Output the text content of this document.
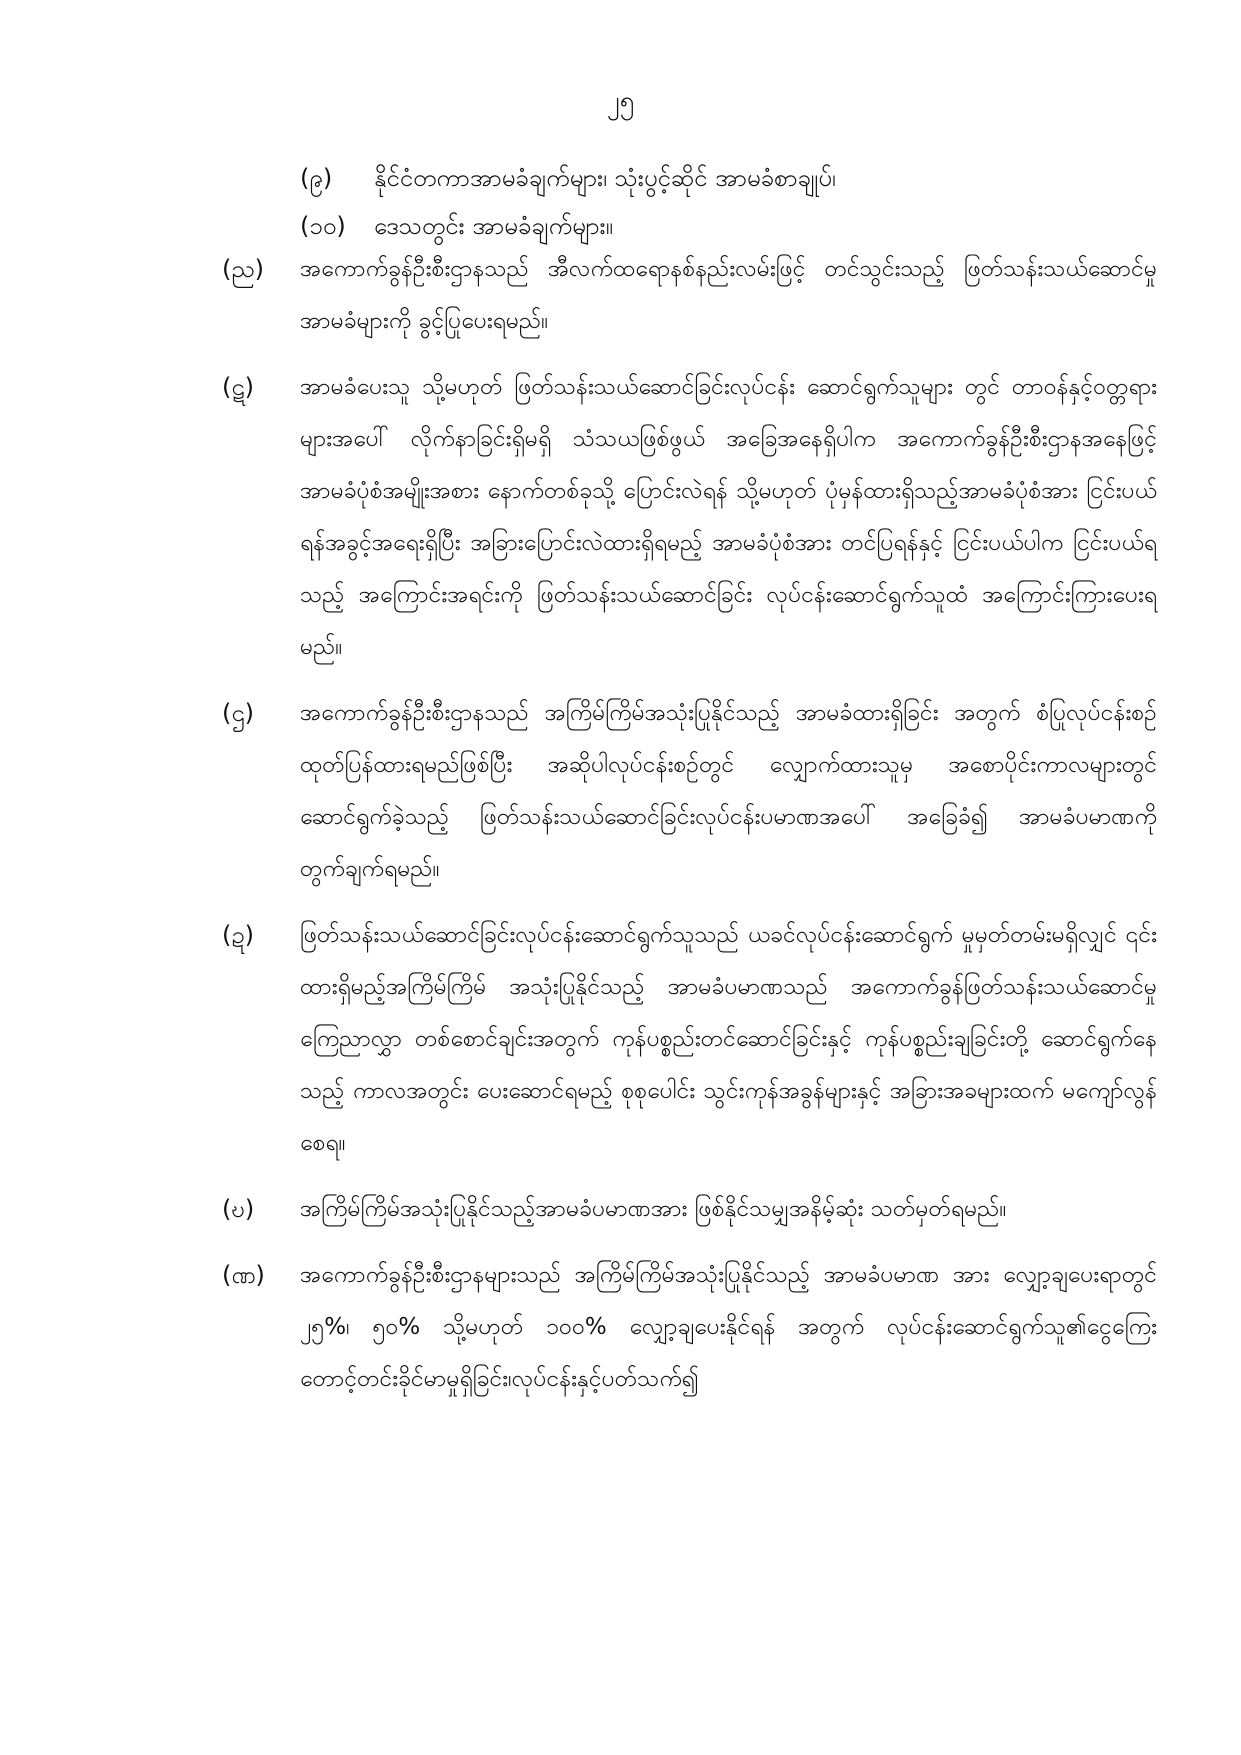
၂၅
(၉)	နိုင်ငံတကာအာမခံချက်များ၊ သုံးပွင့်ဆိုင် အာမခံစာချုပ်၊
(၁၀)	ဒေသတွင်း အာမခံချက်များ။
(ည)	အကောက်ခွန်ဦးစီးဌာနသည် အီလက်ထရောနစ်နည်းလမ်းဖြင့် တင်သွင်းသည့် ဖြတ်သန်းသယ်ဆောင်မှုအာမခံများကို ခွင့်ပြုပေးရမည်။
(ဋ)	အာမခံပေးသူ သို့မဟုတ် ဖြတ်သန်းသယ်ဆောင်ခြင်းလုပ်ငန်း ဆောင်ရွက်သူများ တွင် တာဝန်နှင့်ဝတ္တရားများအပေါ် လိုက်နာခြင်းရှိမရှိ သံသယဖြစ်ဖွယ် အခြေအနေရှိပါက အကောက်ခွန်ဦးစီးဌာနအနေဖြင့် အာမခံပုံစံအမျိုးအစား နောက်တစ်ခုသို့ ပြောင်းလဲရန် သို့မဟုတ် ပုံမှန်ထားရှိသည့်အာမခံပုံစံအား ငြင်းပယ်ရန်အခွင့်အရေးရှိပြီး အခြားပြောင်းလဲထားရှိရမည့် အာမခံပုံစံအား တင်ပြရန်နှင့် ငြင်းပယ်ပါက ငြင်းပယ်ရသည့် အကြောင်းအရင်းကို ဖြတ်သန်းသယ်ဆောင်ခြင်း လုပ်ငန်းဆောင်ရွက်သူထံ အကြောင်းကြားပေးရမည်။
(ဌ)	အကောက်ခွန်ဦးစီးဌာနသည် အကြိမ်ကြိမ်အသုံးပြုနိုင်သည့် အာမခံထားရှိခြင်း အတွက် စံပြုလုပ်ငန်းစဉ် ထုတ်ပြန်ထားရမည်ဖြစ်ပြီး အဆိုပါလုပ်ငန်းစဉ်တွင် လျှောက်ထားသူမှ အစောပိုင်းကာလများတွင် ဆောင်ရွက်ခဲ့သည့် ဖြတ်သန်းသယ်ဆောင်ခြင်းလုပ်ငန်းပမာဏအပေါ် အခြေခံ၍ အာမခံပမာဏကို တွက်ချက်ရမည်။
(ဍ)	ဖြတ်သန်းသယ်ဆောင်ခြင်းလုပ်ငန်းဆောင်ရွက်သူသည် ယခင်လုပ်ငန်းဆောင်ရွက် မှုမှတ်တမ်းမရှိလျှင် ၎င်းထားရှိမည့်အကြိမ်ကြိမ် အသုံးပြုနိုင်သည့် အာမခံပမာဏသည် အကောက်ခွန်ဖြတ်သန်းသယ်ဆောင်မှုကြေညာလွှာ တစ်စောင်ချင်းအတွက် ကုန်ပစ္စည်းတင်ဆောင်ခြင်းနှင့် ကုန်ပစ္စည်းချခြင်းတို့ ဆောင်ရွက်နေသည့် ကာလအတွင်း ပေးဆောင်ရမည့် စုစုပေါင်း သွင်းကုန်အခွန်များနှင့် အခြားအခများထက် မကျော်လွန်စေရ။
(ဎ)	အကြိမ်ကြိမ်အသုံးပြုနိုင်သည့်အာမခံပမာဏအား ဖြစ်နိုင်သမျှအနိမ့်ဆုံး သတ်မှတ်ရမည်။
(ဏ)	အကောက်ခွန်ဦးစီးဌာနများသည် အကြိမ်ကြိမ်အသုံးပြုနိုင်သည့် အာမခံပမာဏ အား လျှော့ချပေးရာတွင် ၂၅%၊ ၅၀% သို့မဟုတ် ၁၀၀% လျှော့ချပေးနိုင်ရန် အတွက် လုပ်ငန်းဆောင်ရွက်သူ၏ငွေကြေးတောင့်တင်းခိုင်မာမှုရှိခြင်း၊လုပ်ငန်းနှင့်ပတ်သက်၍
